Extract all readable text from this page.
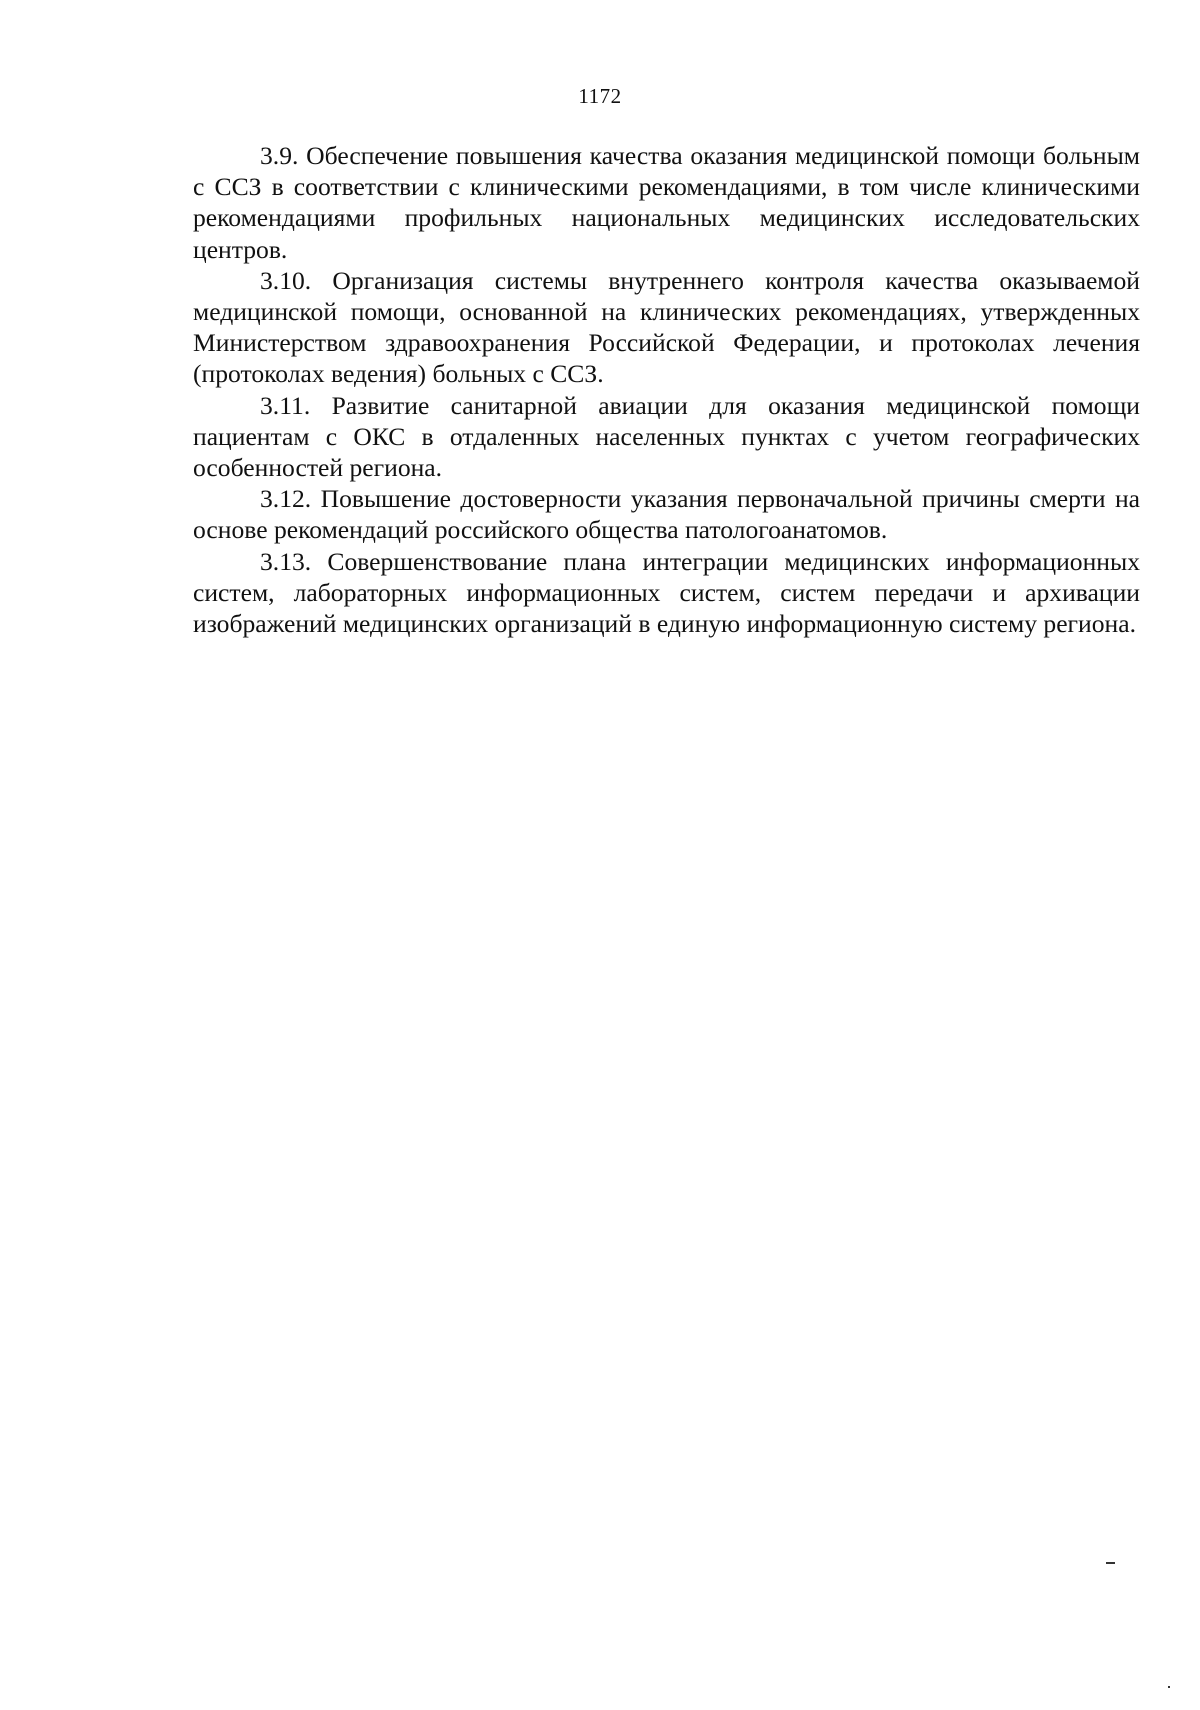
1172

3.9. Обеспечение повышения качества оказания медицинской помощи больным с ССЗ в соответствии с клиническими рекомендациями, в том числе клиническими рекомендациями профильных национальных медицинских исследовательских центров.

3.10. Организация системы внутреннего контроля качества оказываемой медицинской помощи, основанной на клинических рекомендациях, утвержденных Министерством здравоохранения Российской Федерации, и протоколах лечения (протоколах ведения) больных с ССЗ.

3.11. Развитие санитарной авиации для оказания медицинской помощи пациентам с ОКС в отдаленных населенных пунктах с учетом географических особенностей региона.

3.12. Повышение достоверности указания первоначальной причины смерти на основе рекомендаций российского общества патологоанатомов.

3.13. Совершенствование плана интеграции медицинских информационных систем, лабораторных информационных систем, систем передачи и архивации изображений медицинских организаций в единую информационную систему региона.
